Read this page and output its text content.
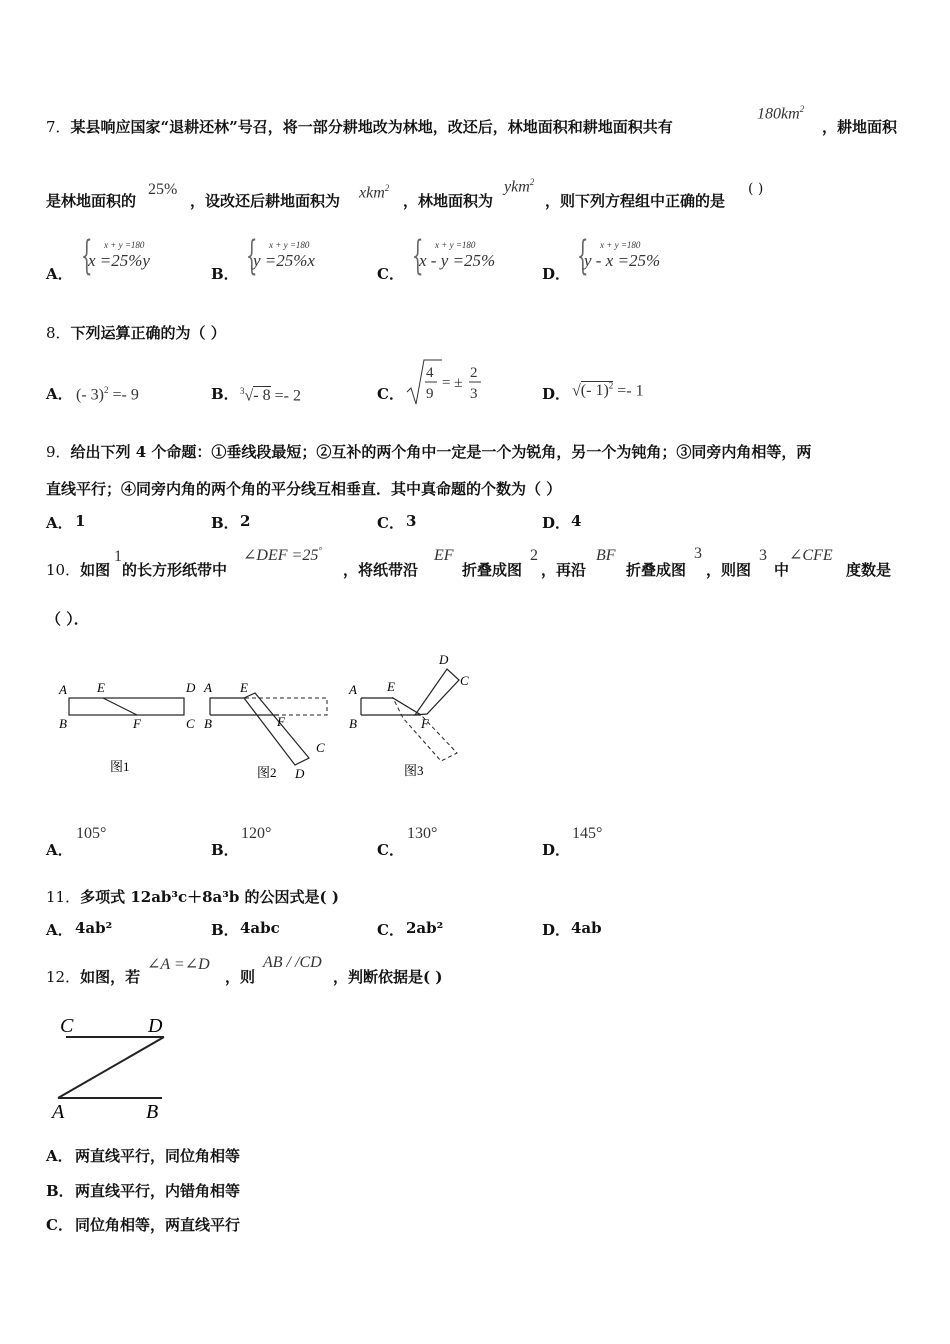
7．某县响应国家“退耕还林”号召，将一部分耕地改为林地，改还后，林地面积和耕地面积共有
$180km^2$
，耕地面积
是林地面积的
25%
，设改还后耕地面积为 xkm$^2$
，林地面积为
ykm$^2$
，则下列方程组中正确的是
( )
A． { x + y =180
x =25%y
B． { x + y =180
y =25%x
C． { x + y =180
x - y =25%
D． { x + y =180
y - x =25%
8．下列运算正确的为（ ）
A． (- 3)$^2$ =- 9	B． $^3$√- 8 =- 2	C．
4
9
= ±
2
3	D． √(- 1)$^2$ =- 1
9．给出下列 4 个命题：①垂线段最短；②互补的两个角中一定是一个为锐角，另一个为钝角；③同旁内角相等，两
直线平行；④同旁内角的两个角的平分线互相垂直．其中真命题的个数为（ ）
A． 1	B． 2	C． 3	D． 4
10．如图
1
的长方形纸带中
∠DEF =25°
，将纸带沿
EF
折叠成图
2
，再沿
BF
折叠成图
3
，则图
3
中
∠CFE
度数是
（ ）．
A
B
E
F
D
C
图1
A
B
E
F
C
D
图2
A
B
E
F
D
C
图3
A．
105°
B．
120°
C．
130°
D．
145°
11．多项式 12ab³c＋8a³b 的公因式是( )
A． 4ab²	B． 4abc	C． 2ab²	D． 4ab
12．如图，若
∠A =∠D
，则
AB / /CD
，判断依据是( )
C	D
A	B
A． 两直线平行，同位角相等
B． 两直线平行，内错角相等
C． 同位角相等，两直线平行
